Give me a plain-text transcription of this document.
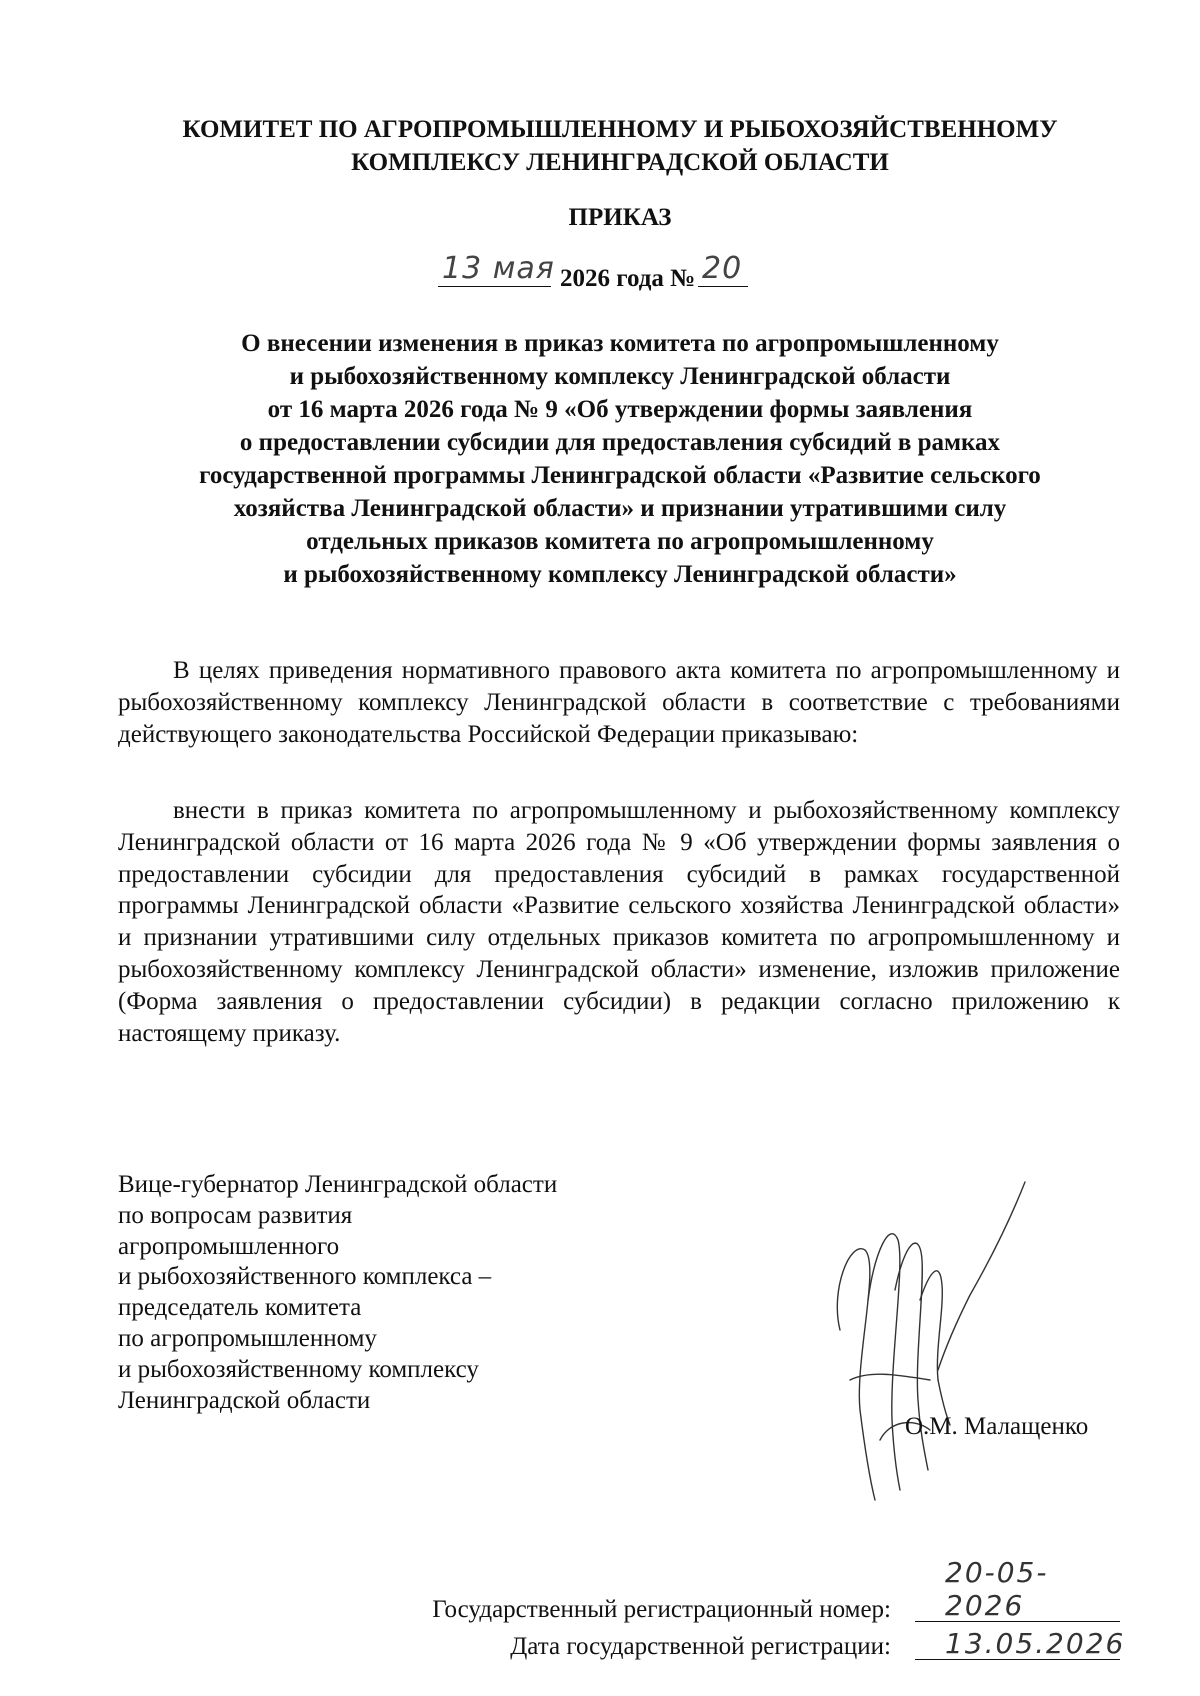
КОМИТЕТ ПО АГРОПРОМЫШЛЕННОМУ И РЫБОХОЗЯЙСТВЕННОМУ
КОМПЛЕКСУ ЛЕНИНГРАДСКОЙ ОБЛАСТИ
ПРИКАЗ
13 мая 2026 года № 20
О внесении изменения в приказ комитета по агропромышленному
и рыбохозяйственному комплексу Ленинградской области
от 16 марта 2026 года № 9 «Об утверждении формы заявления
о предоставлении субсидии для предоставления субсидий в рамках
государственной программы Ленинградской области «Развитие сельского
хозяйства Ленинградской области» и признании утратившими силу
отдельных приказов комитета по агропромышленному
и рыбохозяйственному комплексу Ленинградской области»

В целях приведения нормативного правового акта комитета по агропромышленному и рыбохозяйственному комплексу Ленинградской области в соответствие с требованиями действующего законодательства Российской Федерации приказываю:

внести в приказ комитета по агропромышленному и рыбохозяйственному комплексу Ленинградской области от 16 марта 2026 года № 9 «Об утверждении формы заявления о предоставлении субсидии для предоставления субсидий в рамках государственной программы Ленинградской области «Развитие сельского хозяйства Ленинградской области» и признании утратившими силу отдельных приказов комитета по агропромышленному и рыбохозяйственному комплексу Ленинградской области» изменение, изложив приложение (Форма заявления о предоставлении субсидии) в редакции согласно приложению к настоящему приказу.

Вице-губернатор Ленинградской области
по вопросам развития
агропромышленного
и рыбохозяйственного комплекса –
председатель комитета
по агропромышленному
и рыбохозяйственному комплексу
Ленинградской области
О.М. Малащенко
Государственный регистрационный номер:
20-05-2026
Дата государственной регистрации: 13.05.2026
